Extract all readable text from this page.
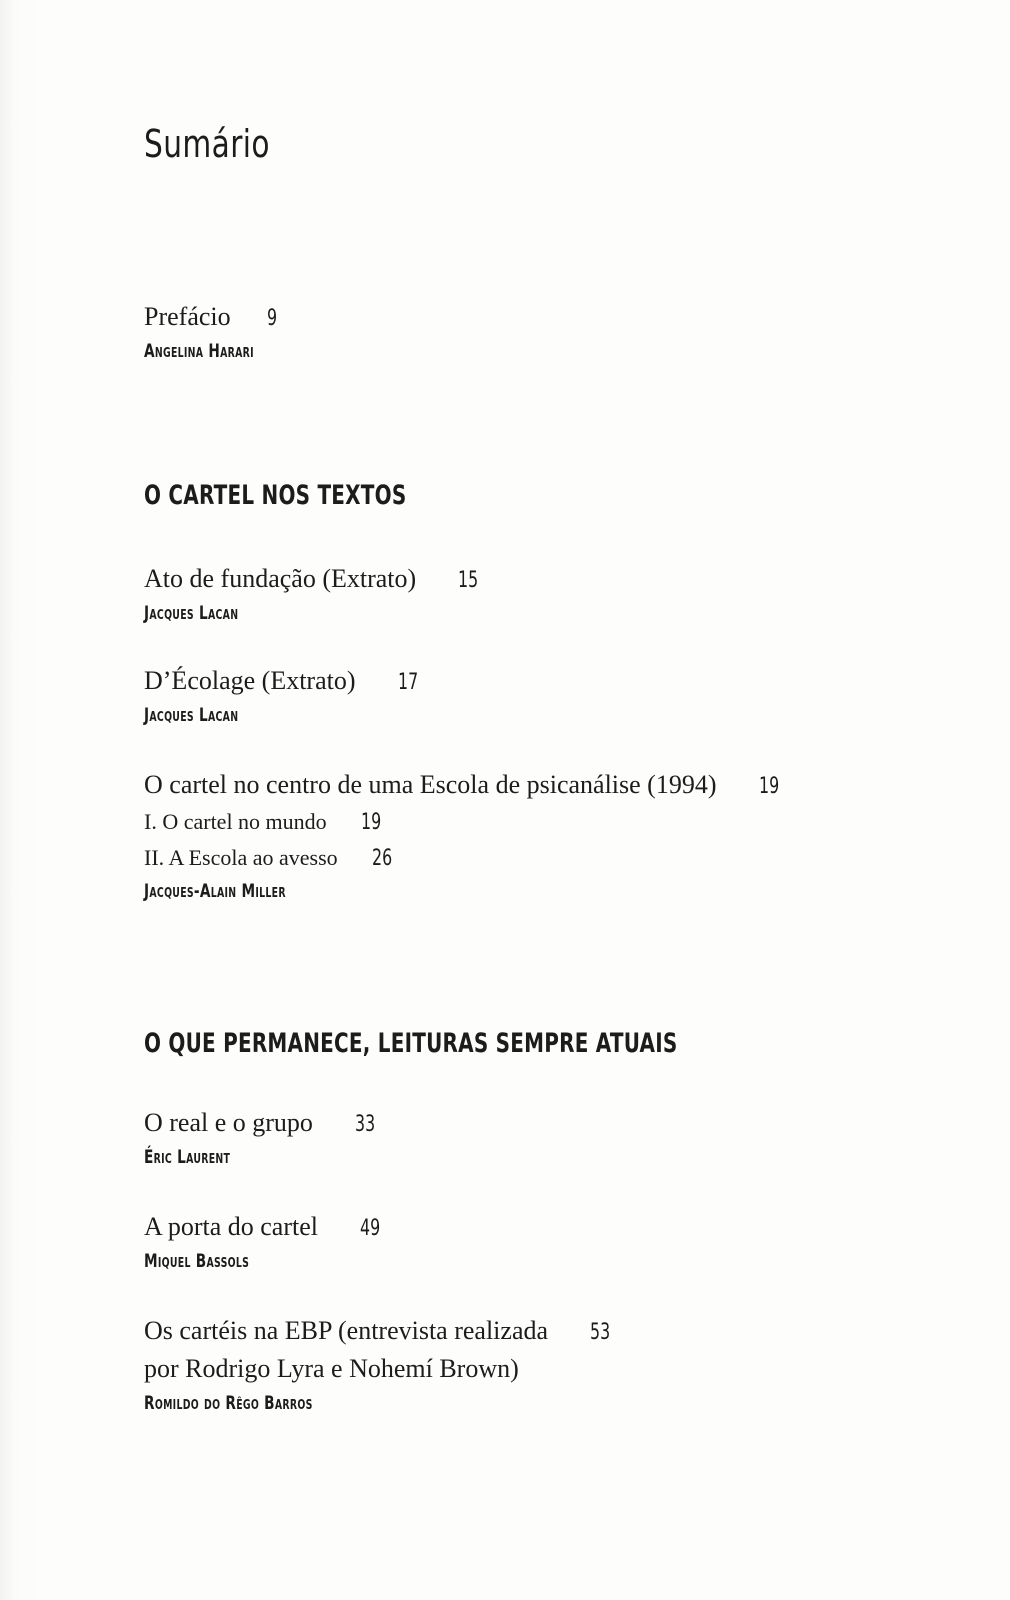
Sumário
Prefácio 9
Angelina Harari
O CARTEL NOS TEXTOS
Ato de fundação (Extrato) 15
Jacques Lacan
D’Écolage (Extrato) 17
Jacques Lacan
O cartel no centro de uma Escola de psicanálise (1994) 19
I. O cartel no mundo 19
II. A Escola ao avesso 26
Jacques-Alain Miller
O QUE PERMANECE, LEITURAS SEMPRE ATUAIS
O real e o grupo 33
Éric Laurent
A porta do cartel 49
Miquel Bassols
Os cartéis na EBP (entrevista realizada 53
por Rodrigo Lyra e Nohemí Brown)
Romildo do Rêgo Barros
